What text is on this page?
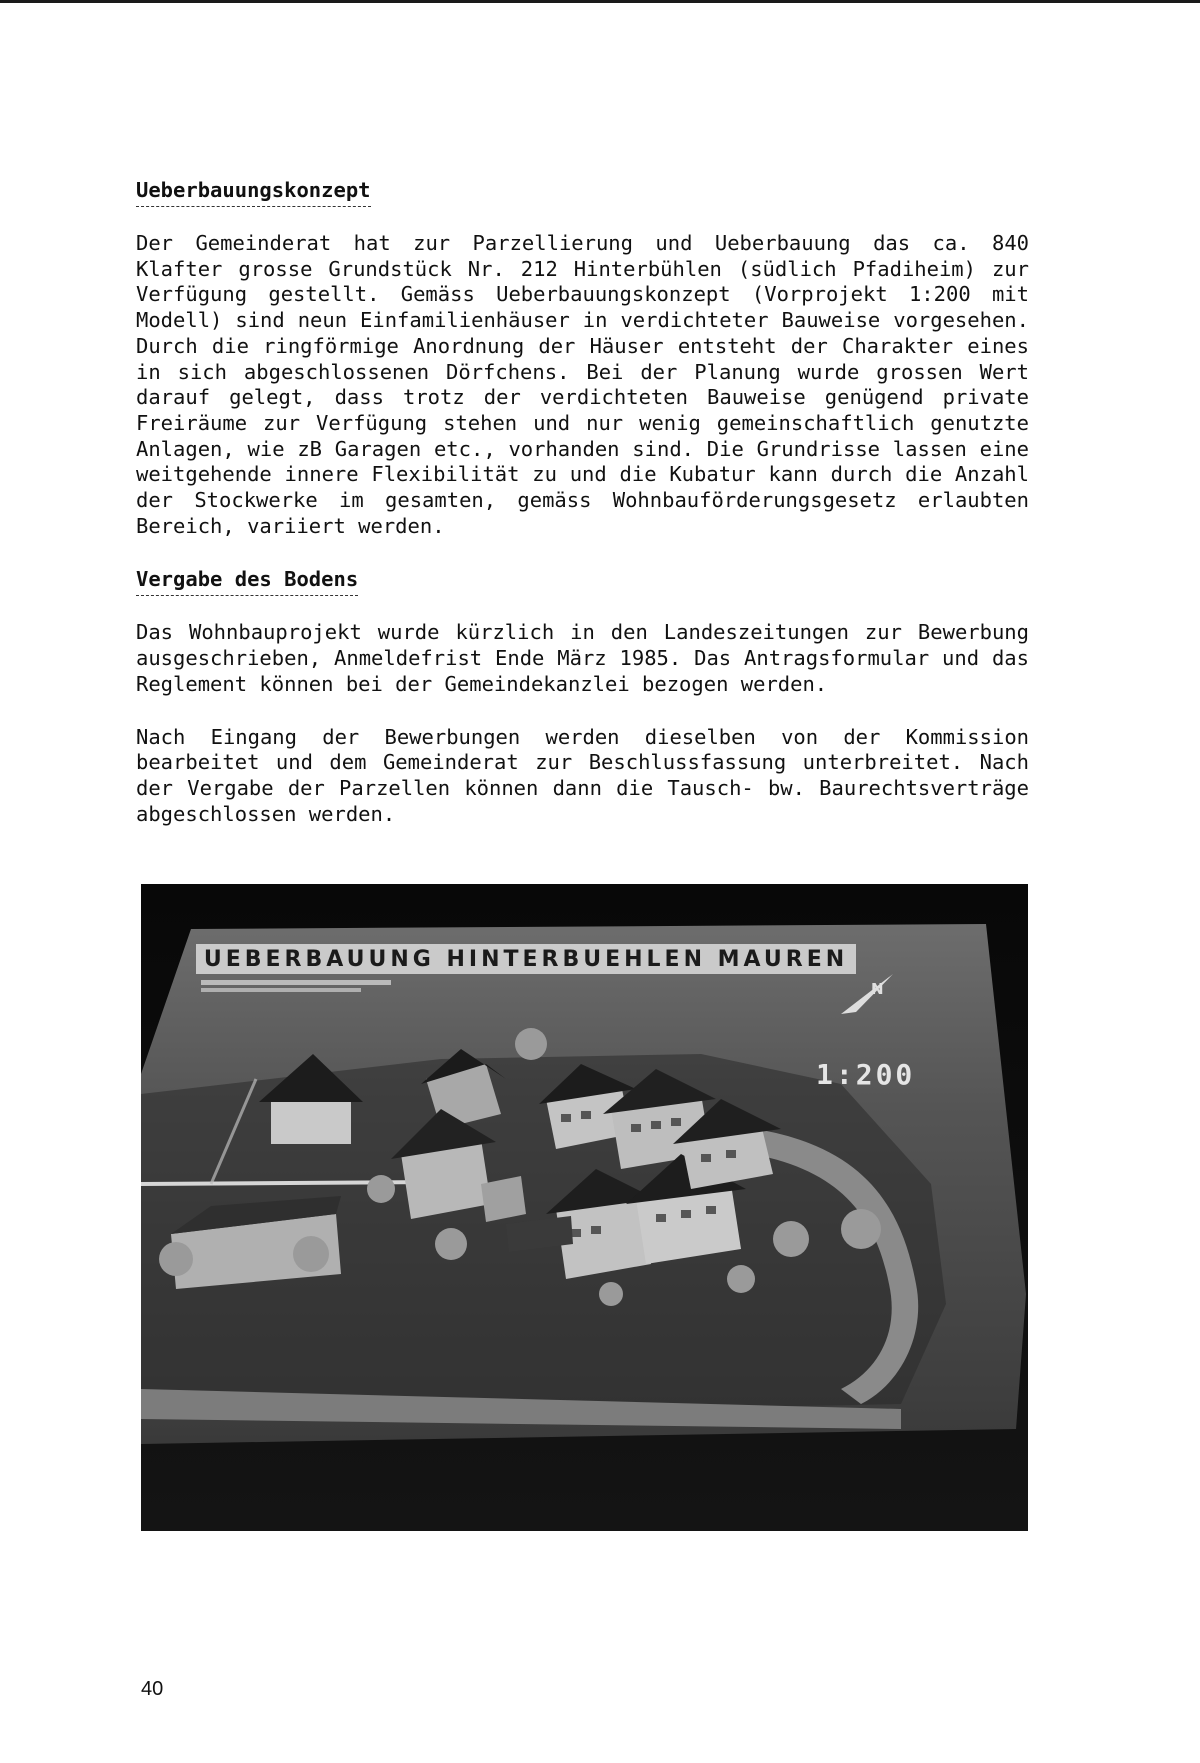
Ueberbauungskonzept

Der Gemeinderat hat zur Parzellierung und Ueberbauung das ca. 840 Klafter grosse Grundstück Nr. 212 Hinterbühlen (südlich Pfadiheim) zur Verfügung gestellt. Gemäss Ueberbauungskonzept (Vorprojekt 1:200 mit Modell) sind neun Einfamilienhäuser in verdichteter Bauweise vorgesehen. Durch die ringförmige Anordnung der Häuser entsteht der Charakter eines in sich abgeschlossenen Dörfchens. Bei der Planung wurde grossen Wert darauf gelegt, dass trotz der verdichteten Bauweise genügend private Freiräume zur Verfügung stehen und nur wenig gemeinschaftlich genutzte Anlagen, wie zB Garagen etc., vorhanden sind. Die Grundrisse lassen eine weitgehende innere Flexibilität zu und die Kubatur kann durch die Anzahl der Stockwerke im gesamten, gemäss Wohnbauförderungsgesetz erlaubten Bereich, variiert werden.

Vergabe des Bodens

Das Wohnbauprojekt wurde kürzlich in den Landeszeitungen zur Bewerbung ausgeschrieben, Anmeldefrist Ende März 1985. Das Antragsformular und das Reglement können bei der Gemeindekanzlei bezogen werden.

Nach Eingang der Bewerbungen werden dieselben von der Kommission bearbeitet und dem Gemeinderat zur Beschlussfassung unterbreitet. Nach der Vergabe der Parzellen können dann die Tausch- bw. Baurechtsverträge abgeschlossen werden.

UEBERBAUUNG HINTERBUEHLEN MAUREN
N
1:200
40
